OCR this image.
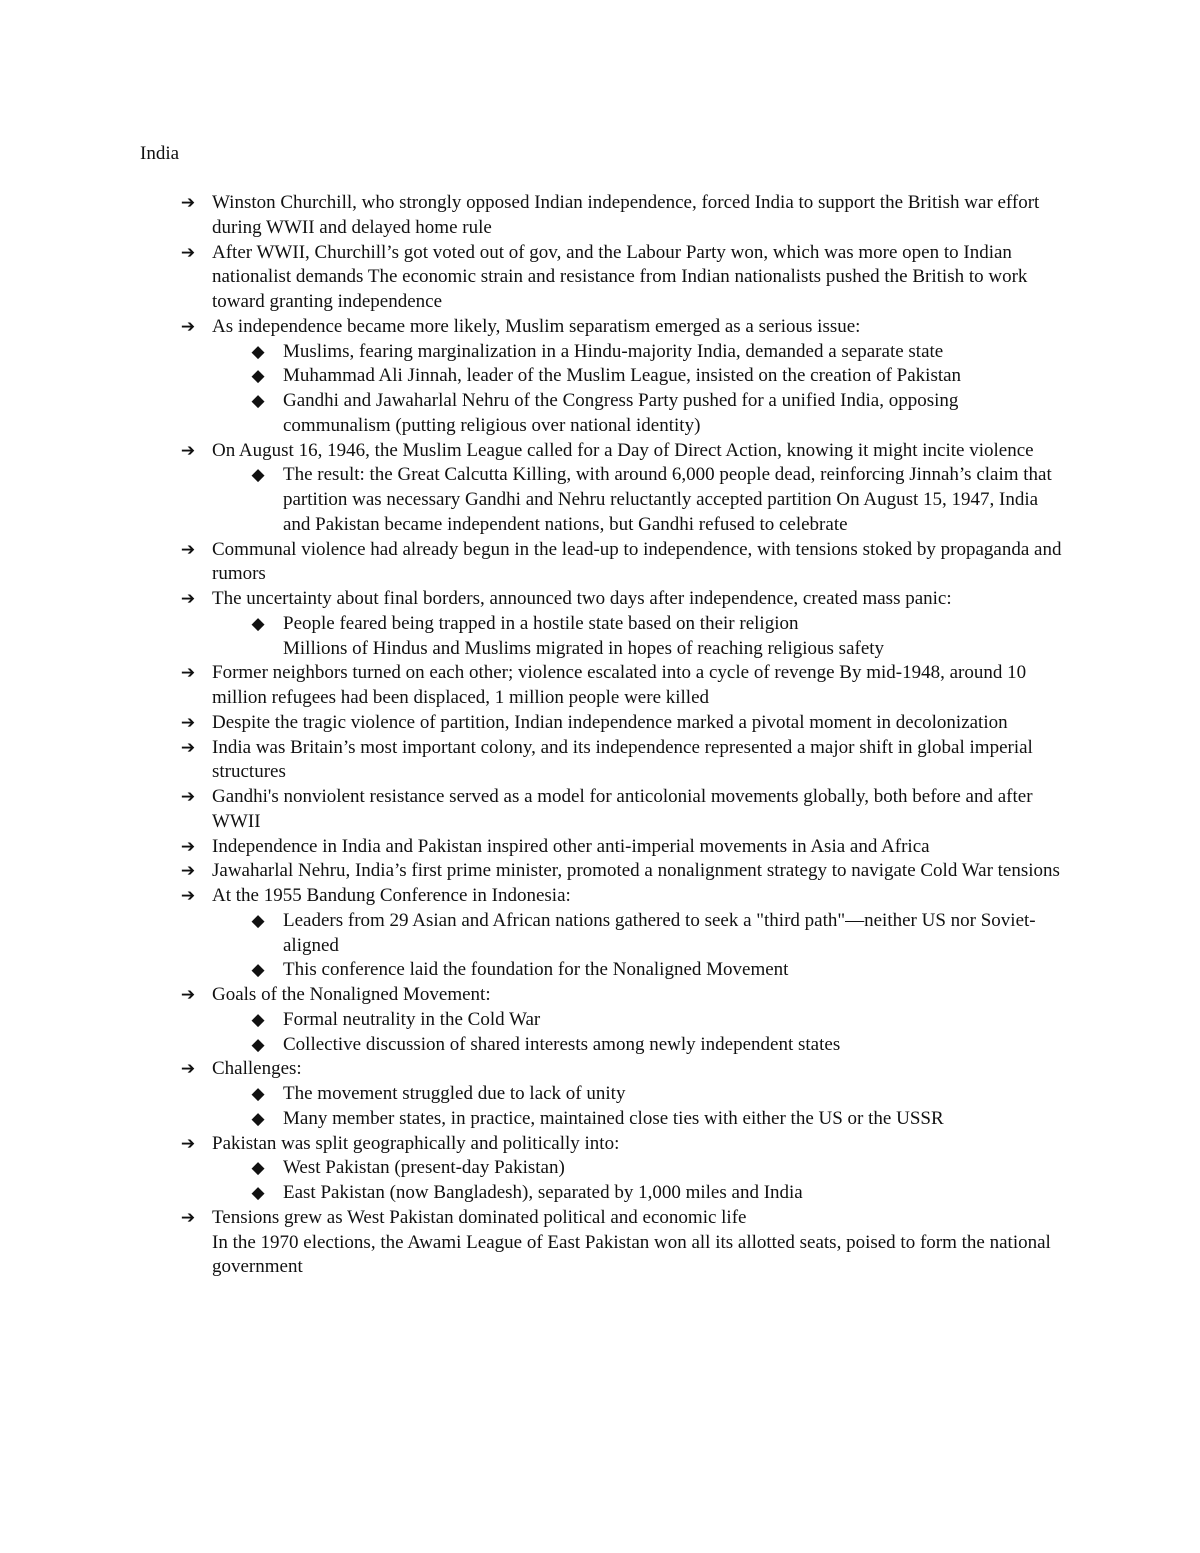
India
➔ Winston Churchill, who strongly opposed Indian independence, forced India to support the British war effort during WWII and delayed home rule
➔ After WWII, Churchill’s got voted out of gov, and the Labour Party won, which was more open to Indian nationalist demands The economic strain and resistance from Indian nationalists pushed the British to work toward granting independence
➔ As independence became more likely, Muslim separatism emerged as a serious issue:
◆ Muslims, fearing marginalization in a Hindu-majority India, demanded a separate state
◆ Muhammad Ali Jinnah, leader of the Muslim League, insisted on the creation of Pakistan
◆ Gandhi and Jawaharlal Nehru of the Congress Party pushed for a unified India, opposing communalism (putting religious over national identity)
➔ On August 16, 1946, the Muslim League called for a Day of Direct Action, knowing it might incite violence
◆ The result: the Great Calcutta Killing, with around 6,000 people dead, reinforcing Jinnah’s claim that partition was necessary Gandhi and Nehru reluctantly accepted partition On August 15, 1947, India and Pakistan became independent nations, but Gandhi refused to celebrate
➔ Communal violence had already begun in the lead-up to independence, with tensions stoked by propaganda and rumors
➔ The uncertainty about final borders, announced two days after independence, created mass panic:
◆ People feared being trapped in a hostile state based on their religion
Millions of Hindus and Muslims migrated in hopes of reaching religious safety
➔ Former neighbors turned on each other; violence escalated into a cycle of revenge By mid-1948, around 10 million refugees had been displaced, 1 million people were killed
➔ Despite the tragic violence of partition, Indian independence marked a pivotal moment in decolonization
➔ India was Britain’s most important colony, and its independence represented a major shift in global imperial structures
➔ Gandhi's nonviolent resistance served as a model for anticolonial movements globally, both before and after WWII
➔ Independence in India and Pakistan inspired other anti-imperial movements in Asia and Africa
➔ Jawaharlal Nehru, India’s first prime minister, promoted a nonalignment strategy to navigate Cold War tensions
➔ At the 1955 Bandung Conference in Indonesia:
◆ Leaders from 29 Asian and African nations gathered to seek a "third path"—neither US nor Soviet-aligned
◆ This conference laid the foundation for the Nonaligned Movement
➔ Goals of the Nonaligned Movement:
◆ Formal neutrality in the Cold War
◆ Collective discussion of shared interests among newly independent states
➔ Challenges:
◆ The movement struggled due to lack of unity
◆ Many member states, in practice, maintained close ties with either the US or the USSR
➔ Pakistan was split geographically and politically into:
◆ West Pakistan (present-day Pakistan)
◆ East Pakistan (now Bangladesh), separated by 1,000 miles and India
➔ Tensions grew as West Pakistan dominated political and economic life
In the 1970 elections, the Awami League of East Pakistan won all its allotted seats, poised to form the national government
